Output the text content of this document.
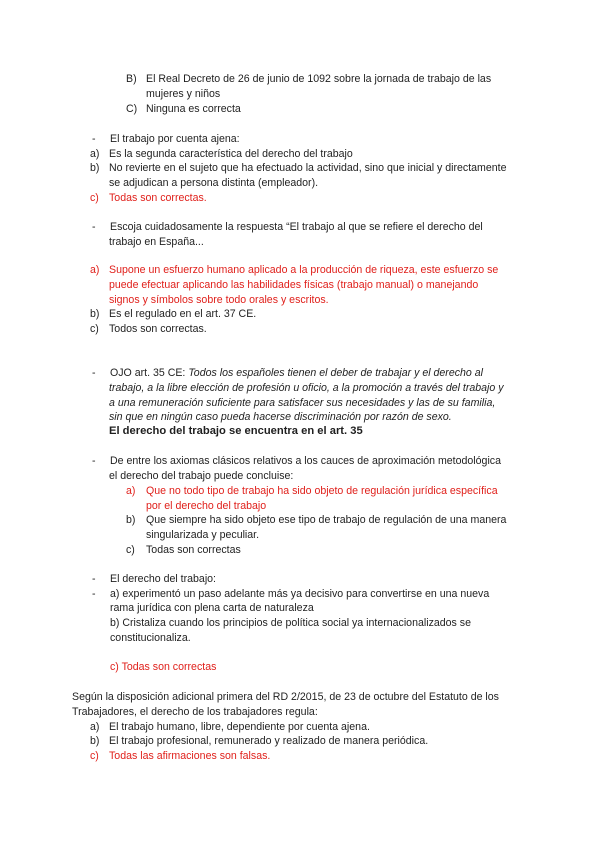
B) El Real Decreto de 26 de junio de 1092 sobre la jornada de trabajo de las
mujeres y niños
C) Ninguna es correcta
- El trabajo por cuenta ajena:
a) Es la segunda característica del derecho del trabajo
b) No revierte en el sujeto que ha efectuado la actividad, sino que inicial y directamente
se adjudican a persona distinta (empleador).
c) Todas son correctas.
- Escoja cuidadosamente la respuesta “El trabajo al que se refiere el derecho del
trabajo en España...
a) Supone un esfuerzo humano aplicado a la producción de riqueza, este esfuerzo se
puede efectuar aplicando las habilidades físicas (trabajo manual) o manejando
signos y símbolos sobre todo orales y escritos.
b) Es el regulado en el art. 37 CE.
c) Todos son correctas.
- OJO art. 35 CE: Todos los españoles tienen el deber de trabajar y el derecho al
trabajo, a la libre elección de profesión u oficio, a la promoción a través del trabajo y
a una remuneración suficiente para satisfacer sus necesidades y las de su familia,
sin que en ningún caso pueda hacerse discriminación por razón de sexo.
El derecho del trabajo se encuentra en el art. 35
- De entre los axiomas clásicos relativos a los cauces de aproximación metodológica
el derecho del trabajo puede concluise:
a) Que no todo tipo de trabajo ha sido objeto de regulación jurídica específica
por el derecho del trabajo
b) Que siempre ha sido objeto ese tipo de trabajo de regulación de una manera
singularizada y peculiar.
c) Todas son correctas
- El derecho del trabajo:
- a) experimentó un paso adelante más ya decisivo para convertirse en una nueva
rama jurídica con plena carta de naturaleza
b) Cristaliza cuando los principios de política social ya internacionalizados se
constitucionaliza.
c) Todas son correctas
Según la disposición adicional primera del RD 2/2015, de 23 de octubre del Estatuto de los
Trabajadores, el derecho de los trabajadores regula:
a) El trabajo humano, libre, dependiente por cuenta ajena.
b) El trabajo profesional, remunerado y realizado de manera periódica.
c) Todas las afirmaciones son falsas.
